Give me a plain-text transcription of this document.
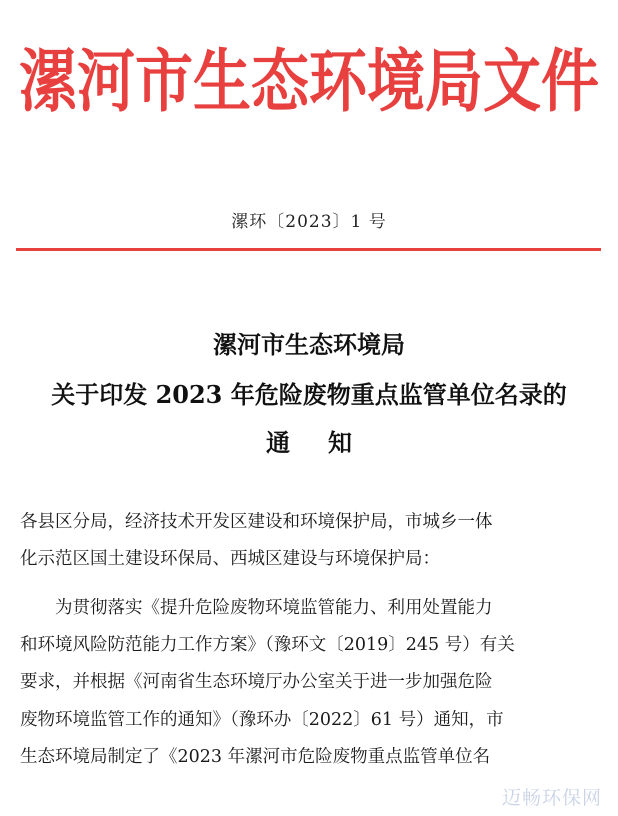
漯河市生态环境局文件
漯环〔2023〕1 号
漯河市生态环境局
关于印发 2023 年危险废物重点监管单位名录的
通知
各县区分局，经济技术开发区建设和环境保护局，市城乡一体
化示范区国土建设环保局、西城区建设与环境保护局：
为贯彻落实《提升危险废物环境监管能力、利用处置能力
和环境风险防范能力工作方案》（豫环文〔2019〕245 号）有关
要求，并根据《河南省生态环境厅办公室关于进一步加强危险
废物环境监管工作的通知》（豫环办〔2022〕61 号）通知，市
生态环境局制定了《2023 年漯河市危险废物重点监管单位名
迈畅环保网
